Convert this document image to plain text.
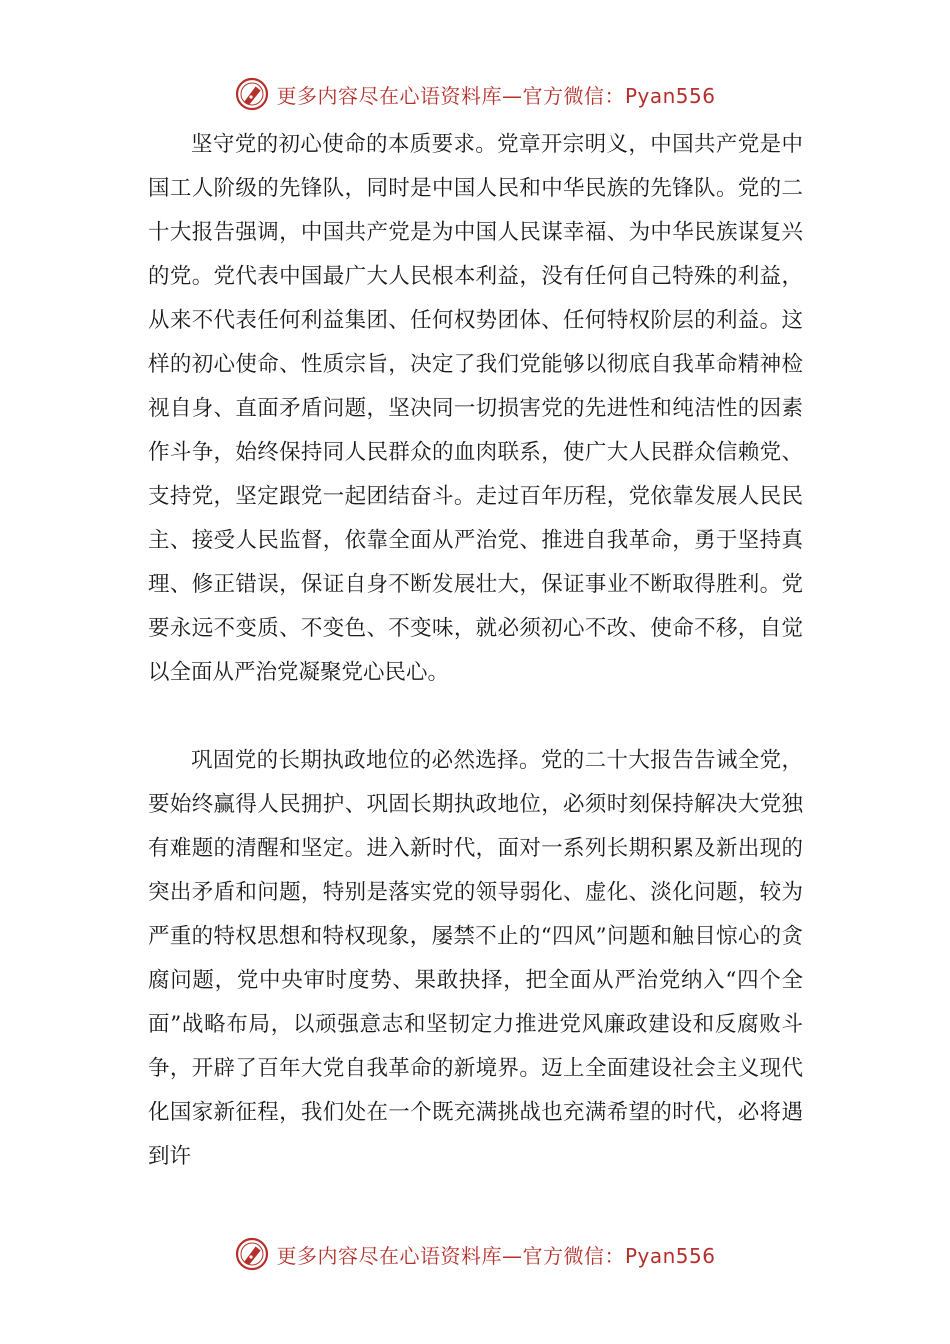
更多内容尽在心语资料库—官方微信：Pyan556

坚守党的初心使命的本质要求。党章开宗明义，中国共产党是中国工人阶级的先锋队，同时是中国人民和中华民族的先锋队。党的二十大报告强调，中国共产党是为中国人民谋幸福、为中华民族谋复兴的党。党代表中国最广大人民根本利益，没有任何自己特殊的利益，从来不代表任何利益集团、任何权势团体、任何特权阶层的利益。这样的初心使命、性质宗旨，决定了我们党能够以彻底自我革命精神检视自身、直面矛盾问题，坚决同一切损害党的先进性和纯洁性的因素作斗争，始终保持同人民群众的血肉联系，使广大人民群众信赖党、支持党，坚定跟党一起团结奋斗。走过百年历程，党依靠发展人民民主、接受人民监督，依靠全面从严治党、推进自我革命，勇于坚持真理、修正错误，保证自身不断发展壮大，保证事业不断取得胜利。党要永远不变质、不变色、不变味，就必须初心不改、使命不移，自觉以全面从严治党凝聚党心民心。

巩固党的长期执政地位的必然选择。党的二十大报告告诫全党，要始终赢得人民拥护、巩固长期执政地位，必须时刻保持解决大党独有难题的清醒和坚定。进入新时代，面对一系列长期积累及新出现的突出矛盾和问题，特别是落实党的领导弱化、虚化、淡化问题，较为严重的特权思想和特权现象，屡禁不止的“四风”问题和触目惊心的贪腐问题，党中央审时度势、果敢抉择，把全面从严治党纳入“四个全面”战略布局，以顽强意志和坚韧定力推进党风廉政建设和反腐败斗争，开辟了百年大党自我革命的新境界。迈上全面建设社会主义现代化国家新征程，我们处在一个既充满挑战也充满希望的时代，必将遇到许

更多内容尽在心语资料库—官方微信：Pyan556
